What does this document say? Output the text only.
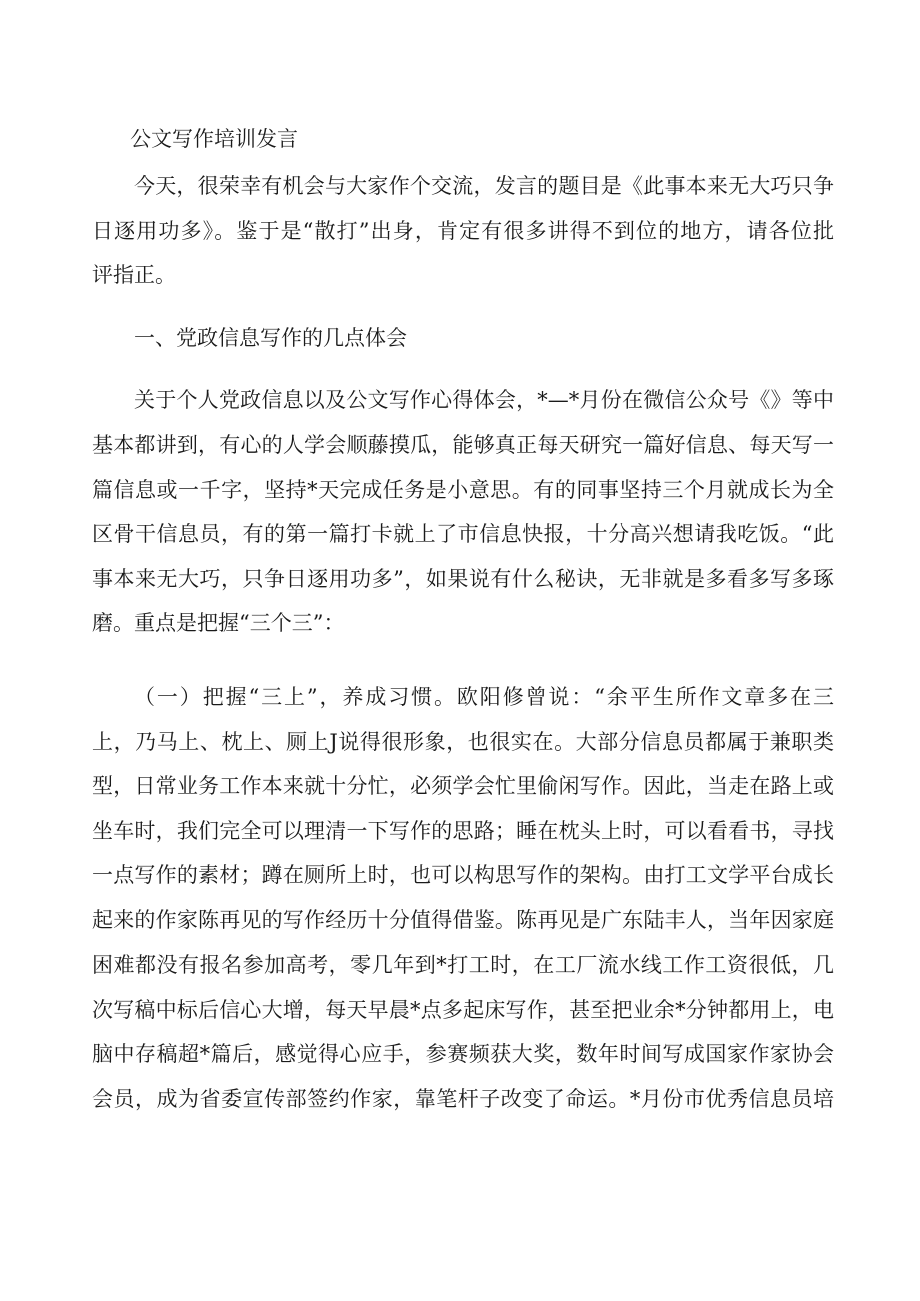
公文写作培训发言
今天，很荣幸有机会与大家作个交流，发言的题目是《此事本来无大巧只争
日逐用功多》。鉴于是“散打”出身，肯定有很多讲得不到位的地方，请各位批
评指正。
一、党政信息写作的几点体会
关于个人党政信息以及公文写作心得体会，*—*月份在微信公众号《》等中
基本都讲到，有心的人学会顺藤摸瓜，能够真正每天研究一篇好信息、每天写一
篇信息或一千字，坚持*天完成任务是小意思。有的同事坚持三个月就成长为全
区骨干信息员，有的第一篇打卡就上了市信息快报，十分高兴想请我吃饭。“此
事本来无大巧，只争日逐用功多”，如果说有什么秘诀，无非就是多看多写多琢
磨。重点是把握“三个三”：
（一）把握“三上”，养成习惯。欧阳修曾说：“余平生所作文章多在三
上，乃马上、枕上、厕上J说得很形象，也很实在。大部分信息员都属于兼职类
型，日常业务工作本来就十分忙，必须学会忙里偷闲写作。因此，当走在路上或
坐车时，我们完全可以理清一下写作的思路；睡在枕头上时，可以看看书，寻找
一点写作的素材；蹲在厕所上时，也可以构思写作的架构。由打工文学平台成长
起来的作家陈再见的写作经历十分值得借鉴。陈再见是广东陆丰人，当年因家庭
困难都没有报名参加高考，零几年到*打工时，在工厂流水线工作工资很低，几
次写稿中标后信心大增，每天早晨*点多起床写作，甚至把业余*分钟都用上，电
脑中存稿超*篇后，感觉得心应手，参赛频获大奖，数年时间写成国家作家协会
会员，成为省委宣传部签约作家，靠笔杆子改变了命运。*月份市优秀信息员培
